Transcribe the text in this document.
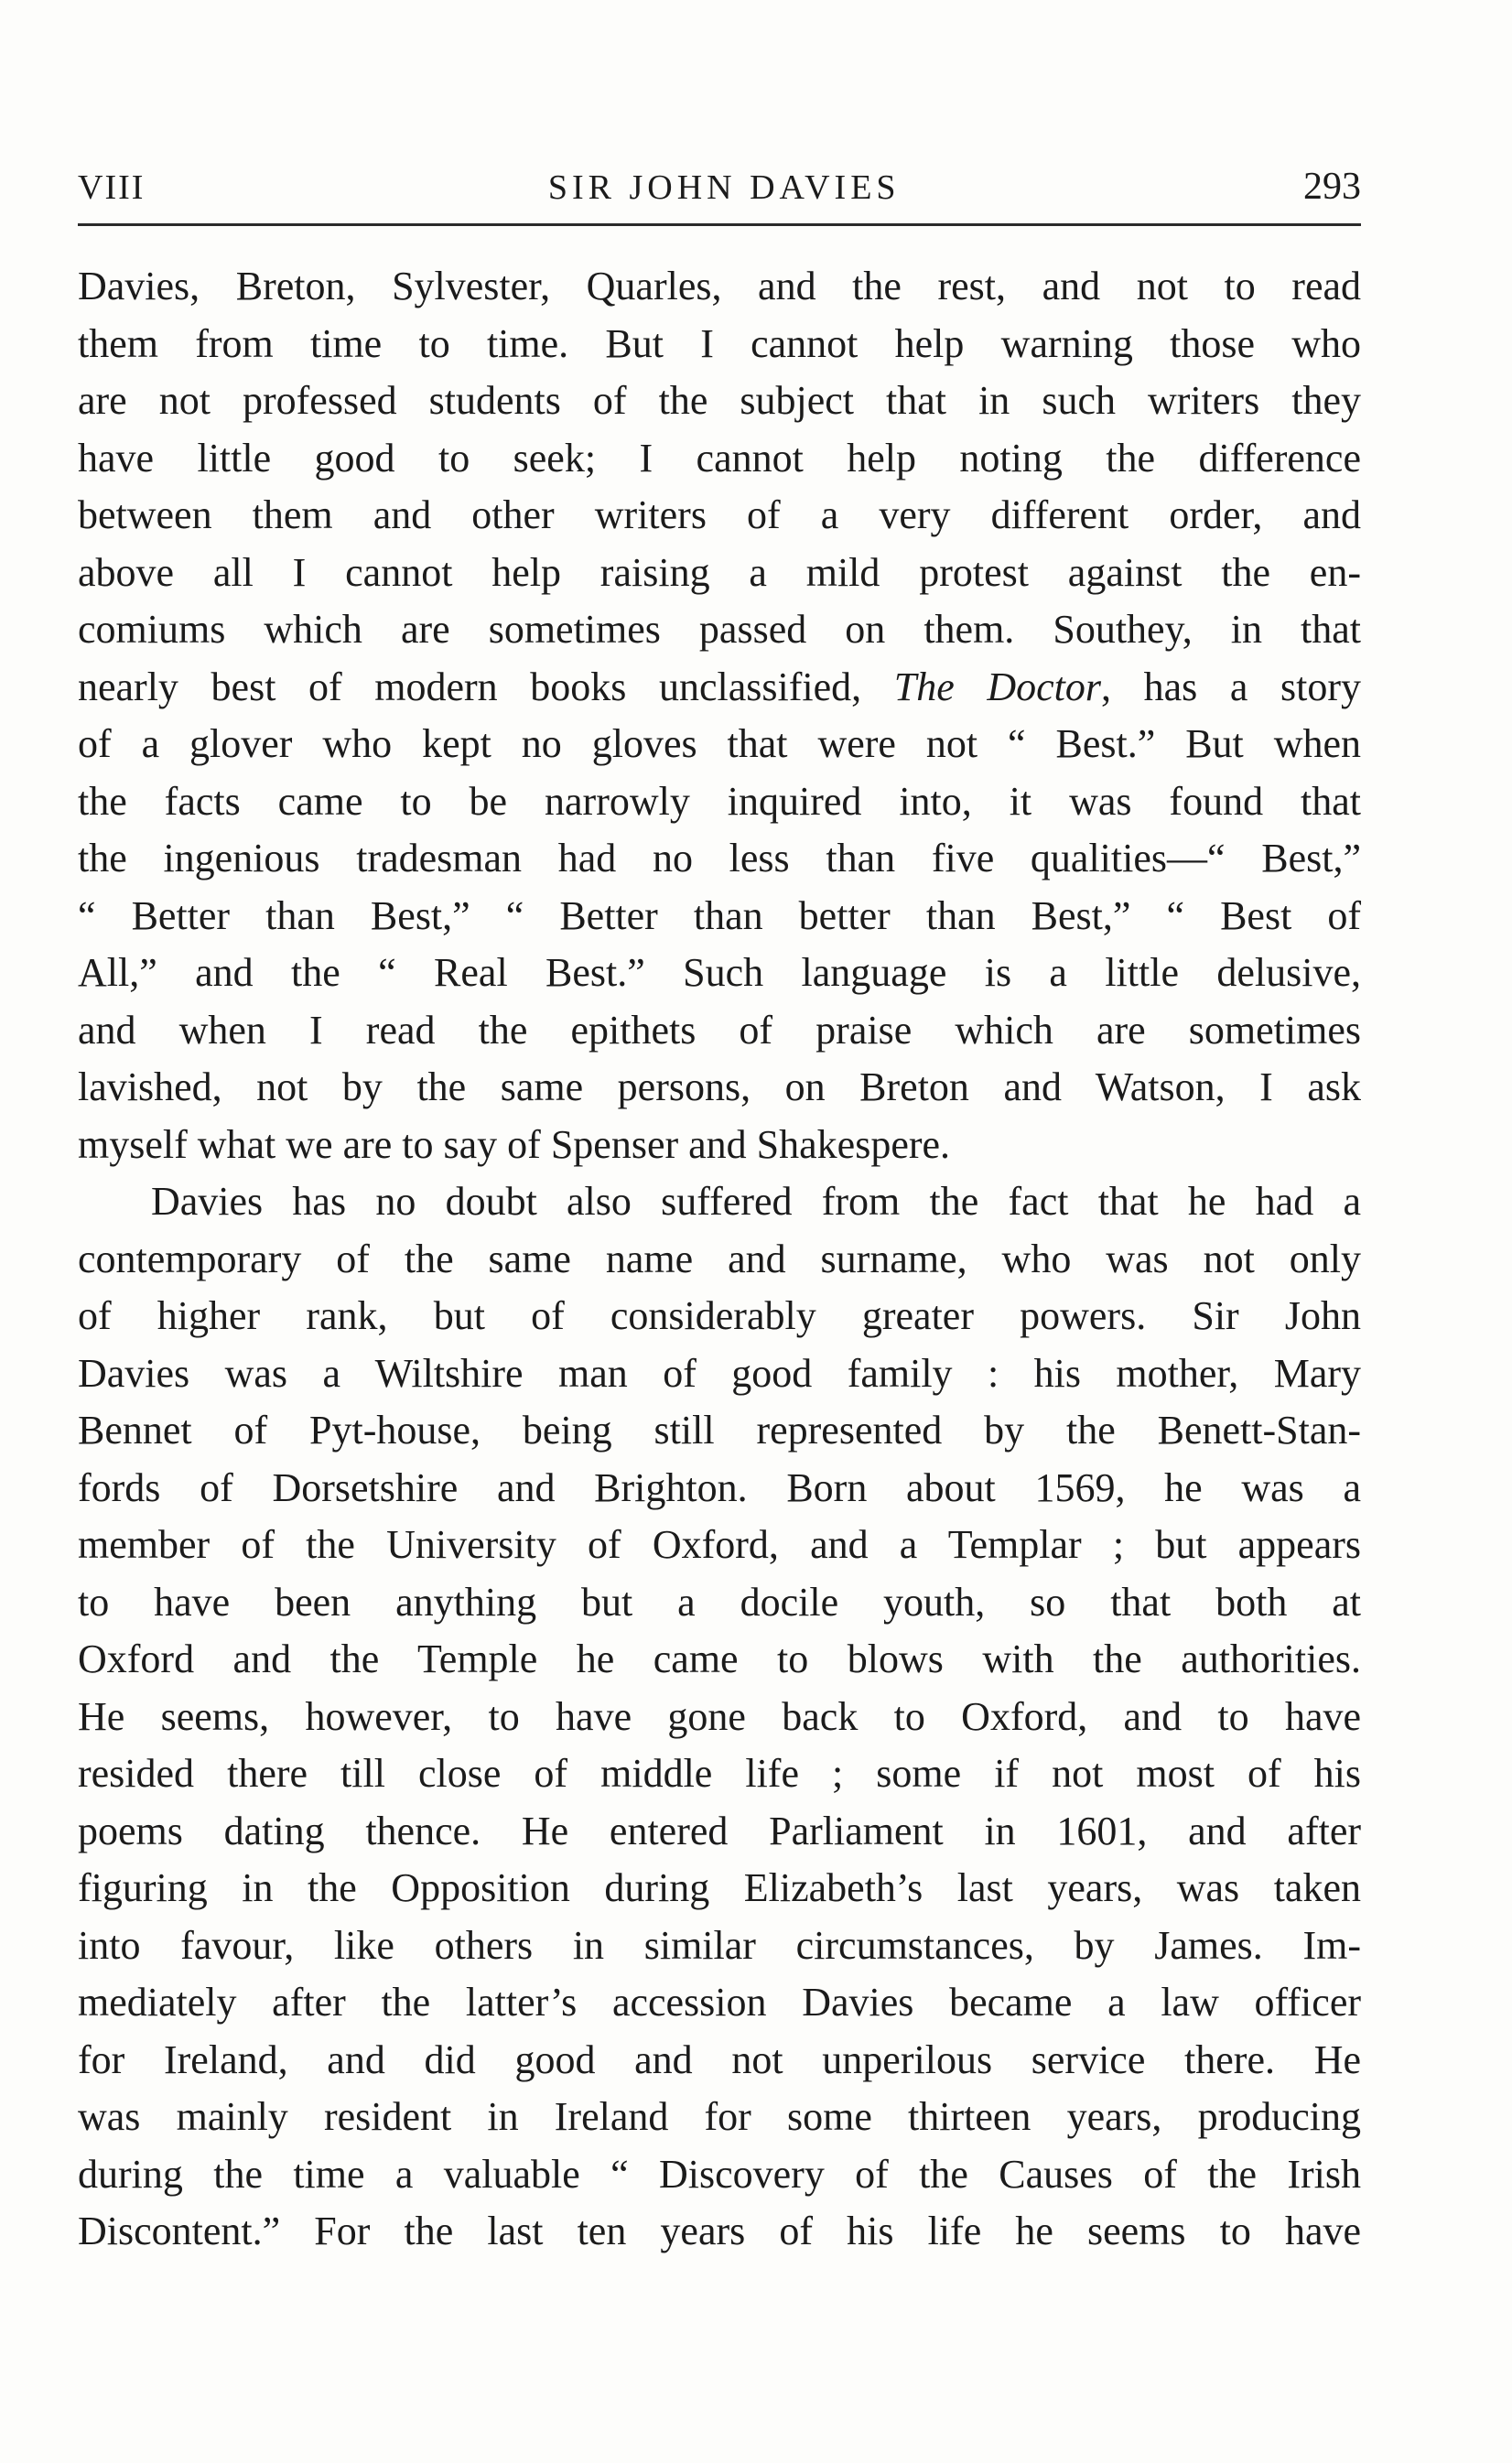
VIII	SIR JOHN DAVIES	293
Davies, Breton, Sylvester, Quarles, and the rest, and not to read
them from time to time. But I cannot help warning those who
are not professed students of the subject that in such writers they
have little good to seek; I cannot help noting the difference
between them and other writers of a very different order, and
above all I cannot help raising a mild protest against the en-
comiums which are sometimes passed on them. Southey, in that
nearly best of modern books unclassified, The Doctor, has a story
of a glover who kept no gloves that were not “ Best.” But when
the facts came to be narrowly inquired into, it was found that
the ingenious tradesman had no less than five qualities—“ Best,”
“ Better than Best,” “ Better than better than Best,” “ Best of
All,” and the “ Real Best.” Such language is a little delusive,
and when I read the epithets of praise which are sometimes
lavished, not by the same persons, on Breton and Watson, I ask
myself what we are to say of Spenser and Shakespere.
Davies has no doubt also suffered from the fact that he had a
contemporary of the same name and surname, who was not only
of higher rank, but of considerably greater powers. Sir John
Davies was a Wiltshire man of good family : his mother, Mary
Bennet of Pyt-house, being still represented by the Benett-Stan-
fords of Dorsetshire and Brighton. Born about 1569, he was a
member of the University of Oxford, and a Templar ; but appears
to have been anything but a docile youth, so that both at
Oxford and the Temple he came to blows with the authorities.
He seems, however, to have gone back to Oxford, and to have
resided there till close of middle life ; some if not most of his
poems dating thence. He entered Parliament in 1601, and after
figuring in the Opposition during Elizabeth’s last years, was taken
into favour, like others in similar circumstances, by James. Im-
mediately after the latter’s accession Davies became a law officer
for Ireland, and did good and not unperilous service there. He
was mainly resident in Ireland for some thirteen years, producing
during the time a valuable “ Discovery of the Causes of the Irish
Discontent.” For the last ten years of his life he seems to have
